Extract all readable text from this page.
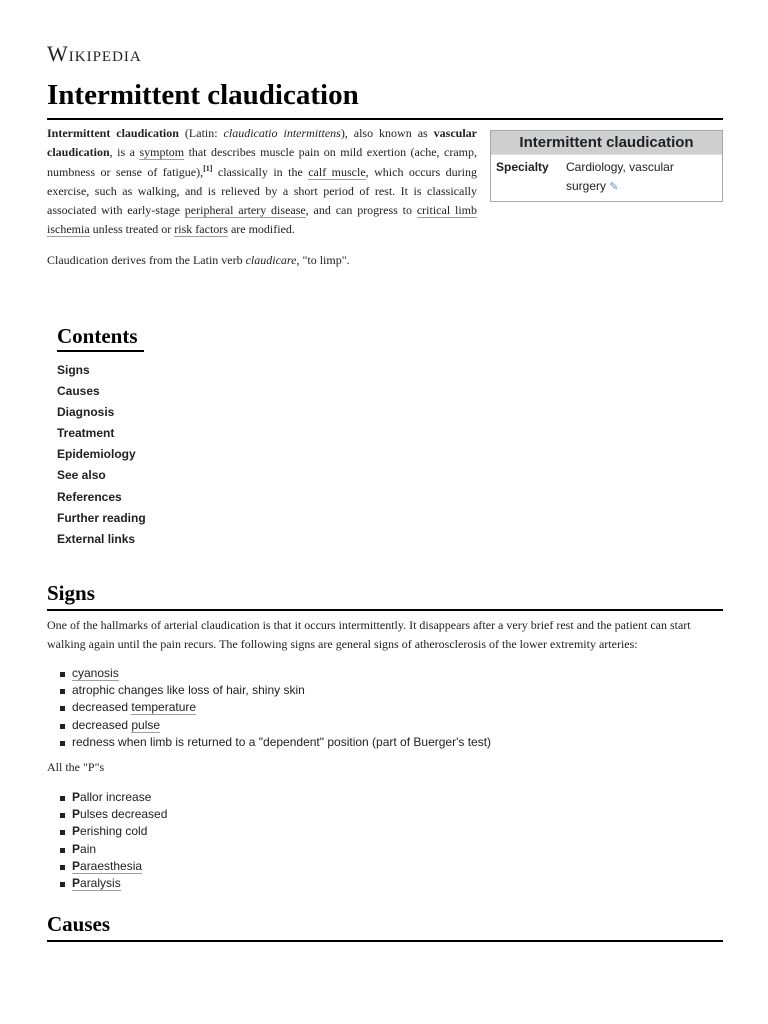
Wikipedia
Intermittent claudication

Intermittent claudication (Latin: claudicatio intermittens), also known as vascular claudication, is a symptom that describes muscle pain on mild exertion (ache, cramp, numbness or sense of fatigue),[1] classically in the calf muscle, which occurs during exercise, such as walking, and is relieved by a short period of rest. It is classically associated with early-stage peripheral artery disease, and can progress to critical limb ischemia unless treated or risk factors are modified.

Claudication derives from the Latin verb claudicare, "to limp".

Intermittent claudication
Specialty	Cardiology, vascular surgery ✎
Contents
Signs
Causes
Diagnosis
Treatment
Epidemiology
See also
References
Further reading
External links
Signs

One of the hallmarks of arterial claudication is that it occurs intermittently. It disappears after a very brief rest and the patient can start walking again until the pain recurs. The following signs are general signs of atherosclerosis of the lower extremity arteries:

cyanosis
atrophic changes like loss of hair, shiny skin
decreased temperature
decreased pulse
redness when limb is returned to a "dependent" position (part of Buerger's test)

All the "P"s

Pallor increase
Pulses decreased
Perishing cold
Pain
Paraesthesia
Paralysis
Causes
